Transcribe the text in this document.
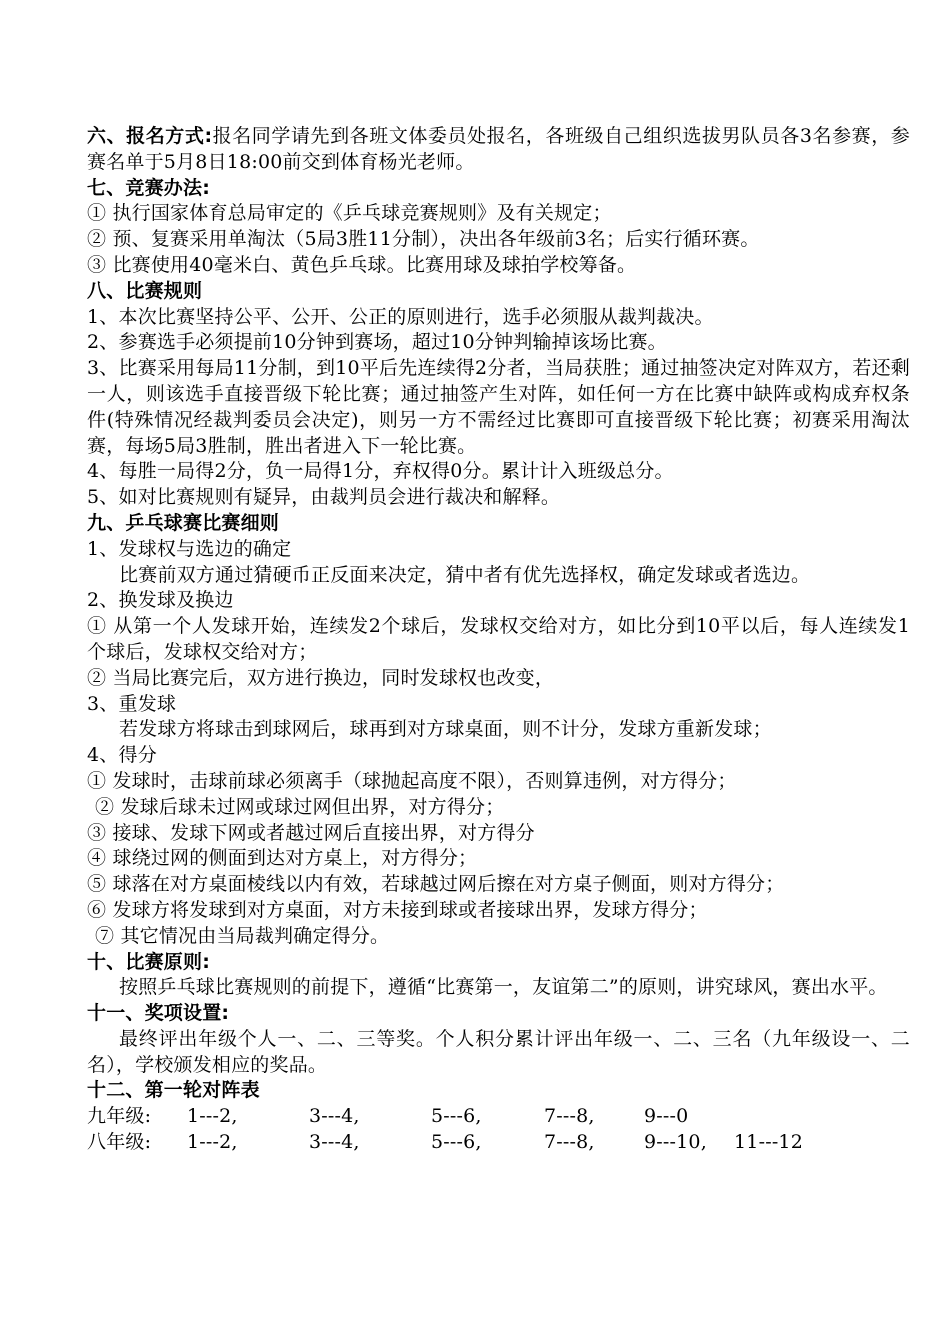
六、报名方式:报名同学请先到各班文体委员处报名，各班级自己组织选拔男队员各3名参赛，参赛名单于5月8日18:00前交到体育杨光老师。
七、竞赛办法:
① 执行国家体育总局审定的《乒乓球竞赛规则》及有关规定；
② 预、复赛采用单淘汰（5局3胜11分制），决出各年级前3名；后实行循环赛。
③ 比赛使用40毫米白、黄色乒乓球。比赛用球及球拍学校筹备。
八、比赛规则
1、本次比赛坚持公平、公开、公正的原则进行，选手必须服从裁判裁决。
2、参赛选手必须提前10分钟到赛场，超过10分钟判输掉该场比赛。
3、比赛采用每局11分制，到10平后先连续得2分者，当局获胜；通过抽签决定对阵双方，若还剩一人，则该选手直接晋级下轮比赛；通过抽签产生对阵，如任何一方在比赛中缺阵或构成弃权条件(特殊情况经裁判委员会决定)，则另一方不需经过比赛即可直接晋级下轮比赛；初赛采用淘汰赛，每场5局3胜制，胜出者进入下一轮比赛。
4、每胜一局得2分，负一局得1分，弃权得0分。累计计入班级总分。
5、如对比赛规则有疑异，由裁判员会进行裁决和解释。
九、乒乓球赛比赛细则
1、发球权与选边的确定
比赛前双方通过猜硬币正反面来决定，猜中者有优先选择权，确定发球或者选边。
2、换发球及换边
① 从第一个人发球开始，连续发2个球后，发球权交给对方，如比分到10平以后，每人连续发1个球后，发球权交给对方；
② 当局比赛完后，双方进行换边，同时发球权也改变，
3、重发球
若发球方将球击到球网后，球再到对方球桌面，则不计分，发球方重新发球；
4、得分
① 发球时，击球前球必须离手（球抛起高度不限），否则算违例，对方得分；
② 发球后球未过网或球过网但出界，对方得分；
③ 接球、发球下网或者越过网后直接出界，对方得分
④ 球绕过网的侧面到达对方桌上，对方得分；
⑤ 球落在对方桌面棱线以内有效，若球越过网后擦在对方桌子侧面，则对方得分；
⑥ 发球方将发球到对方桌面，对方未接到球或者接球出界，发球方得分；
⑦ 其它情况由当局裁判确定得分。
十、比赛原则:
按照乒乓球比赛规则的前提下，遵循“比赛第一，友谊第二”的原则，讲究球风，赛出水平。
十一、奖项设置:
最终评出年级个人一、二、三等奖。个人积分累计评出年级一、二、三名（九年级设一、二名），学校颁发相应的奖品。
十二、第一轮对阵表
九年级: 1---2,	3---4,	5---6,	7---8,	9---0
八年级: 1---2,	3---4,	5---6,	7---8,	9---10, 11---12
